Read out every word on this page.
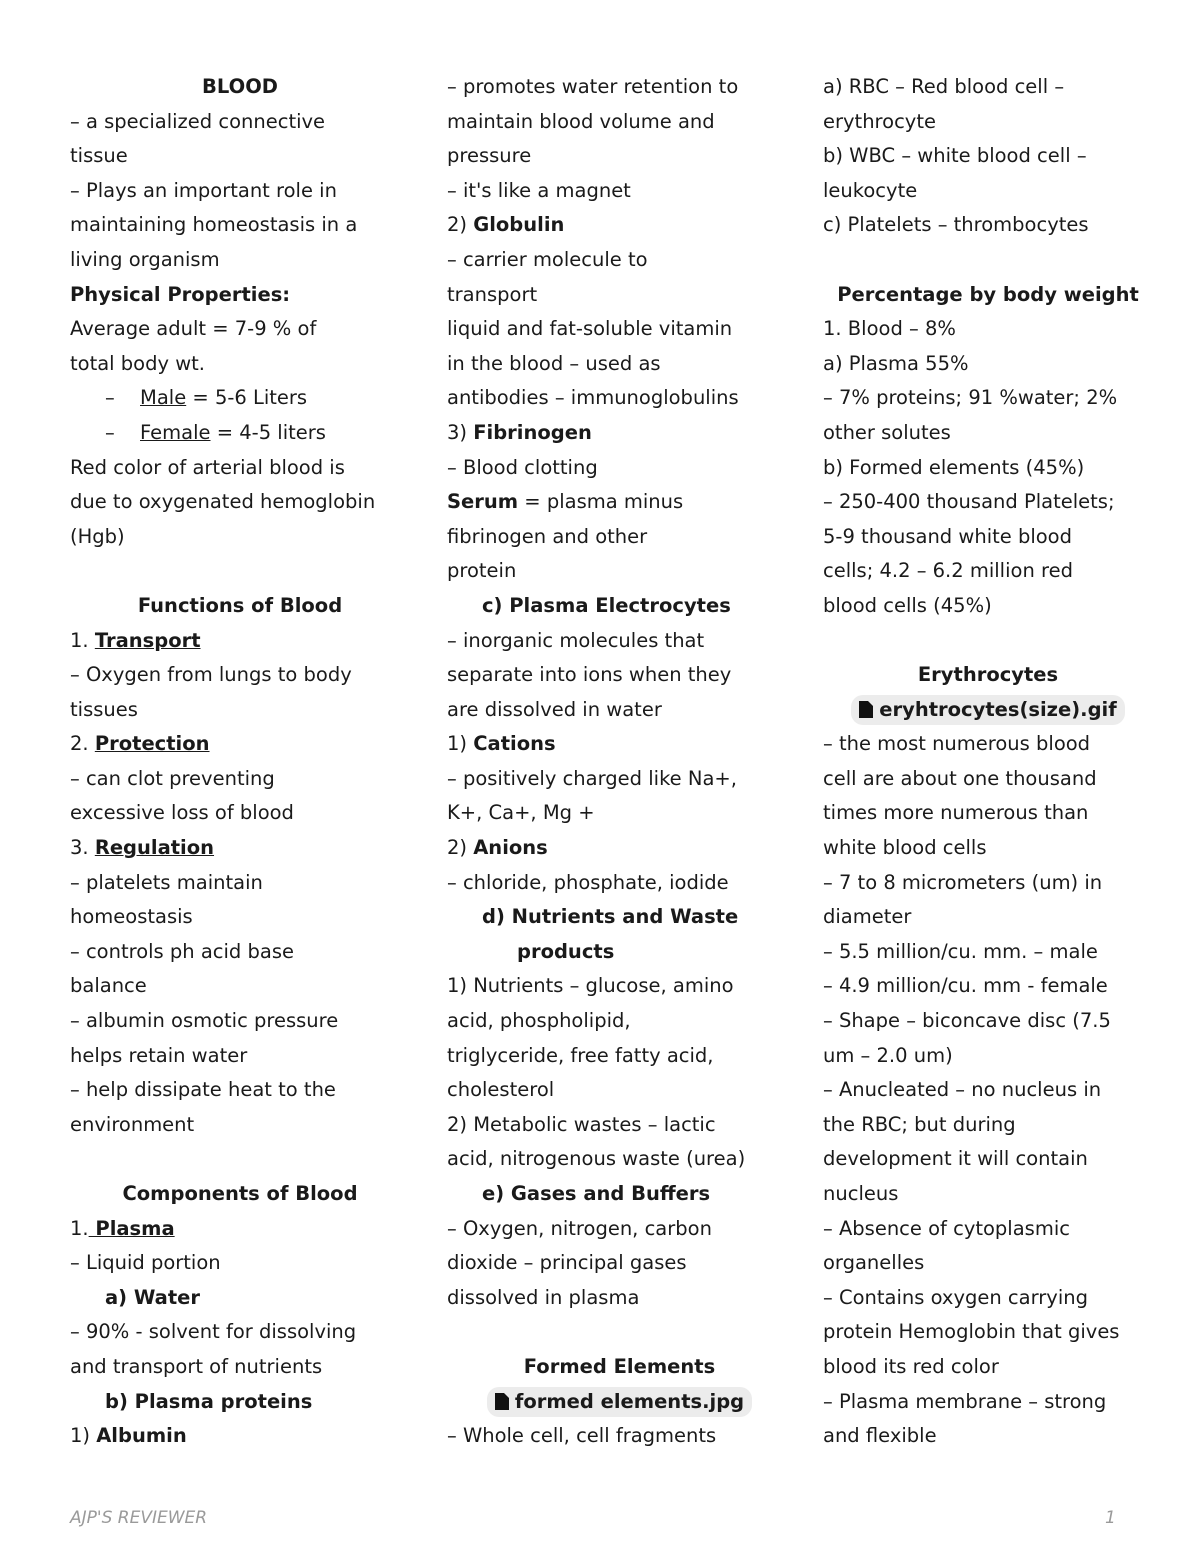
BLOOD
– a specialized connective
tissue
– Plays an important role in
maintaining homeostasis in a
living organism
Physical Properties:
Average adult = 7-9 % of
total body wt.
– Male = 5-6 Liters
– Female = 4-5 liters
Red color of arterial blood is
due to oxygenated hemoglobin
(Hgb)

Functions of Blood
1. Transport
– Oxygen from lungs to body
tissues
2. Protection
– can clot preventing
excessive loss of blood
3. Regulation
– platelets maintain
homeostasis
– controls ph acid base
balance
– albumin osmotic pressure
helps retain water
– help dissipate heat to the
environment

Components of Blood
1. Plasma
– Liquid portion
a) Water
– 90% - solvent for dissolving
and transport of nutrients
b) Plasma proteins
1) Albumin
– promotes water retention to
maintain blood volume and
pressure
– it's like a magnet
2) Globulin
– carrier molecule to
transport
liquid and fat-soluble vitamin
in the blood – used as
antibodies – immunoglobulins
3) Fibrinogen
– Blood clotting
Serum = plasma minus
fibrinogen and other
protein
c) Plasma Electrocytes
– inorganic molecules that
separate into ions when they
are dissolved in water
1) Cations
– positively charged like Na+,
K+, Ca+, Mg +
2) Anions
– chloride, phosphate, iodide
d) Nutrients and Waste
products
1) Nutrients – glucose, amino
acid, phospholipid,
triglyceride, free fatty acid,
cholesterol
2) Metabolic wastes – lactic
acid, nitrogenous waste (urea)
e) Gases and Buffers
– Oxygen, nitrogen, carbon
dioxide – principal gases
dissolved in plasma

Formed Elements
formed elements.jpg
– Whole cell, cell fragments
a) RBC – Red blood cell –
erythrocyte
b) WBC – white blood cell –
leukocyte
c) Platelets – thrombocytes

Percentage by body weight
1. Blood – 8%
a) Plasma 55%
– 7% proteins; 91 %water; 2%
other solutes
b) Formed elements (45%)
– 250-400 thousand Platelets;
5-9 thousand white blood
cells; 4.2 – 6.2 million red
blood cells (45%)

Erythrocytes
eryhtrocytes(size).gif
– the most numerous blood
cell are about one thousand
times more numerous than
white blood cells
– 7 to 8 micrometers (um) in
diameter
– 5.5 million/cu. mm. – male
– 4.9 million/cu. mm - female
– Shape – biconcave disc (7.5
um – 2.0 um)
– Anucleated – no nucleus in
the RBC; but during
development it will contain
nucleus
– Absence of cytoplasmic
organelles
– Contains oxygen carrying
protein Hemoglobin that gives
blood its red color
– Plasma membrane – strong
and flexible
AJP'S REVIEWER	1
